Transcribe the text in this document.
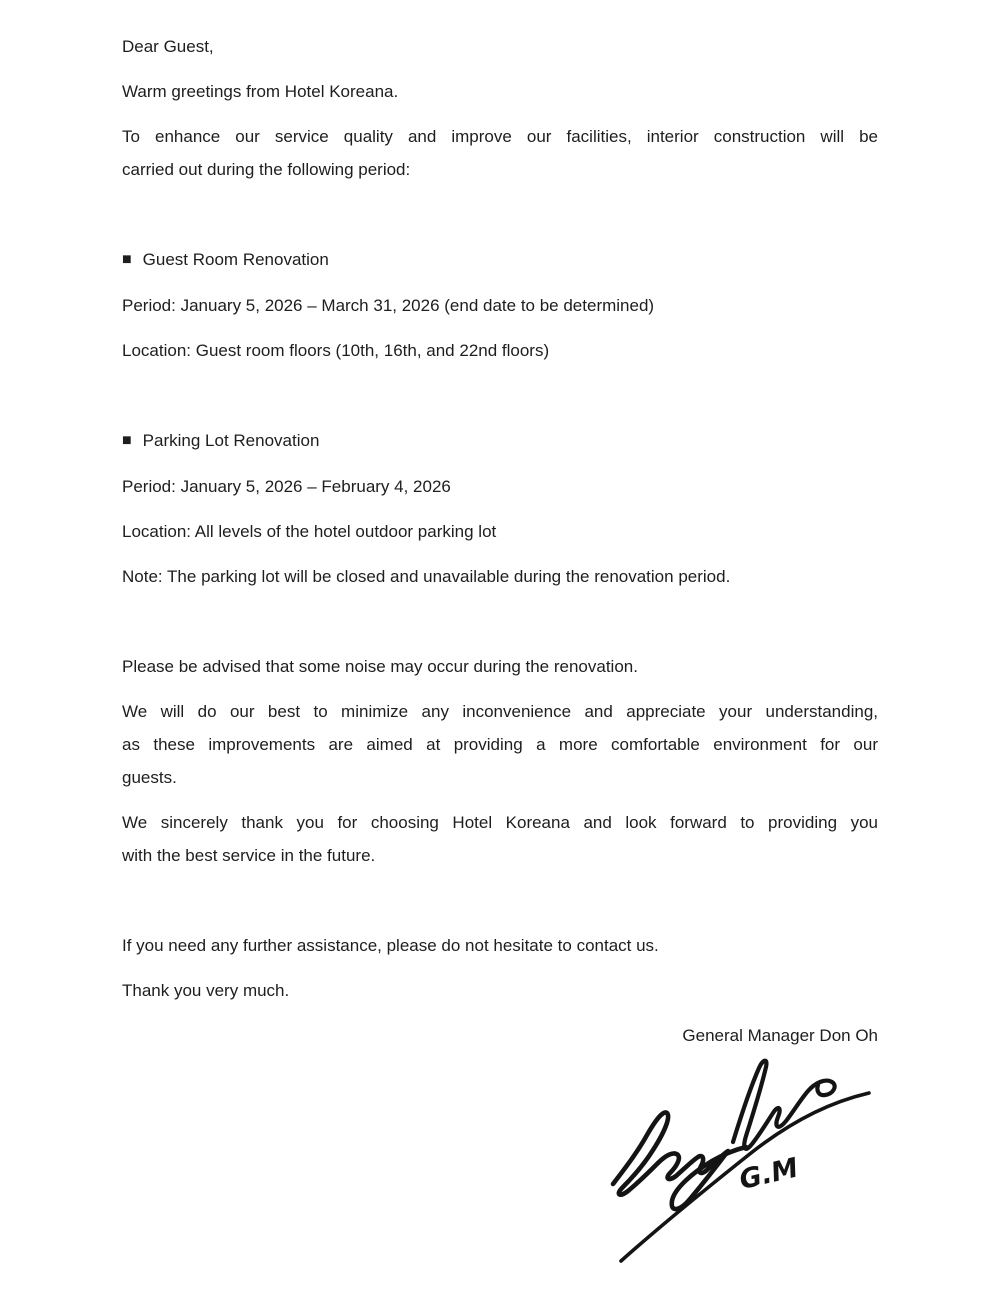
Dear Guest,

Warm greetings from Hotel Koreana.

To enhance our service quality and improve our facilities, interior construction will be
carried out during the following period:

■ Guest Room Renovation

Period: January 5, 2026 – March 31, 2026 (end date to be determined)

Location: Guest room floors (10th, 16th, and 22nd floors)

■ Parking Lot Renovation

Period: January 5, 2026 – February 4, 2026

Location: All levels of the hotel outdoor parking lot

Note: The parking lot will be closed and unavailable during the renovation period.

Please be advised that some noise may occur during the renovation.

We will do our best to minimize any inconvenience and appreciate your understanding,
as these improvements are aimed at providing a more comfortable environment for our
guests.
We sincerely thank you for choosing Hotel Koreana and look forward to providing you
with the best service in the future.

If you need any further assistance, please do not hesitate to contact us.

Thank you very much.

General Manager Don Oh

G.M
